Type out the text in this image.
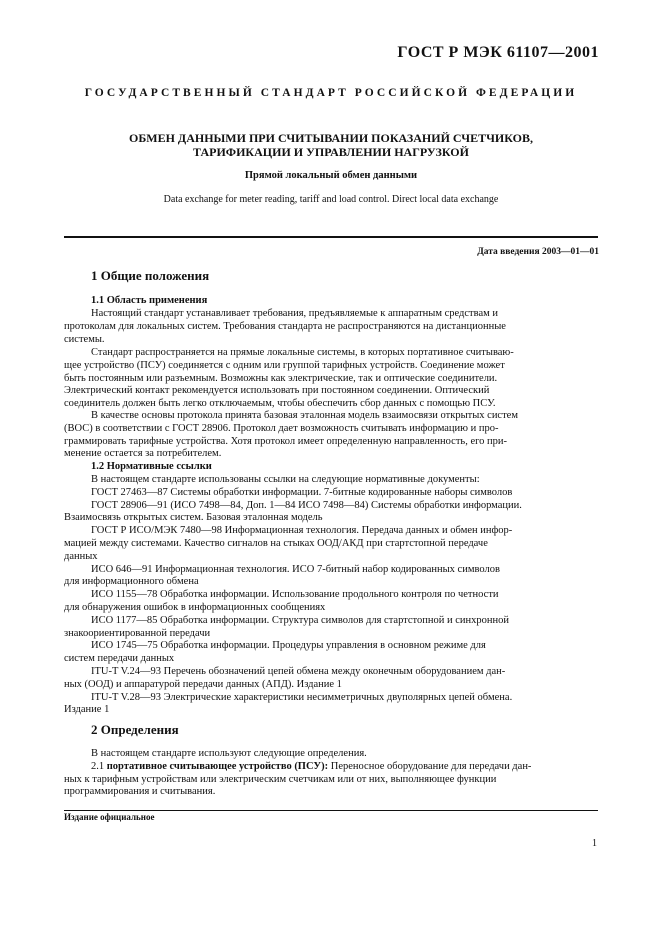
ГОСТ Р МЭК 61107—2001
ГОСУДАРСТВЕННЫЙ СТАНДАРТ РОССИЙСКОЙ ФЕДЕРАЦИИ
ОБМЕН ДАННЫМИ ПРИ СЧИТЫВАНИИ ПОКАЗАНИЙ СЧЕТЧИКОВ,
ТАРИФИКАЦИИ И УПРАВЛЕНИИ НАГРУЗКОЙ
Прямой локальный обмен данными
Data exchange for meter reading, tariff and load control. Direct local data exchange
Дата введения 2003—01—01
1 Общие положения
1.1 Область применения
Настоящий стандарт устанавливает требования, предъявляемые к аппаратным средствам и
протоколам для локальных систем. Требования стандарта не распространяются на дистанционные
системы.
Стандарт распространяется на прямые локальные системы, в которых портативное считываю-
щее устройство (ПСУ) соединяется с одним или группой тарифных устройств. Соединение может
быть постоянным или разъемным. Возможны как электрические, так и оптические соединители.
Электрический контакт рекомендуется использовать при постоянном соединении. Оптический
соединитель должен быть легко отключаемым, чтобы обеспечить сбор данных с помощью ПСУ.
В качестве основы протокола принята базовая эталонная модель взаимосвязи открытых систем
(ВОС) в соответствии с ГОСТ 28906. Протокол дает возможность считывать информацию и про-
граммировать тарифные устройства. Хотя протокол имеет определенную направленность, его при-
менение остается за потребителем.
1.2 Нормативные ссылки
В настоящем стандарте использованы ссылки на следующие нормативные документы:
ГОСТ 27463—87 Системы обработки информации. 7-битные кодированные наборы символов
ГОСТ 28906—91 (ИСО 7498—84, Доп. 1—84 ИСО 7498—84) Системы обработки информации.
Взаимосвязь открытых систем. Базовая эталонная модель
ГОСТ Р ИСО/МЭК 7480—98 Информационная технология. Передача данных и обмен инфор-
мацией между системами. Качество сигналов на стыках ООД/АКД при стартстопной передаче
данных
ИСО 646—91 Информационная технология. ИСО 7-битный набор кодированных символов
для информационного обмена
ИСО 1155—78 Обработка информации. Использование продольного контроля по четности
для обнаружения ошибок в информационных сообщениях
ИСО 1177—85 Обработка информации. Структура символов для стартстопной и синхронной
знакоориентированной передачи
ИСО 1745—75 Обработка информации. Процедуры управления в основном режиме для
систем передачи данных
ITU-T V.24—93 Перечень обозначений цепей обмена между оконечным оборудованием дан-
ных (ООД) и аппаратурой передачи данных (АПД). Издание 1
ITU-T V.28—93 Электрические характеристики несимметричных двуполярных цепей обмена.
Издание 1
2 Определения
В настоящем стандарте используют следующие определения.
2.1 портативное считывающее устройство (ПСУ): Переносное оборудование для передачи дан-
ных к тарифным устройствам или электрическим счетчикам или от них, выполняющее функции
программирования и считывания.
Издание официальное
1
